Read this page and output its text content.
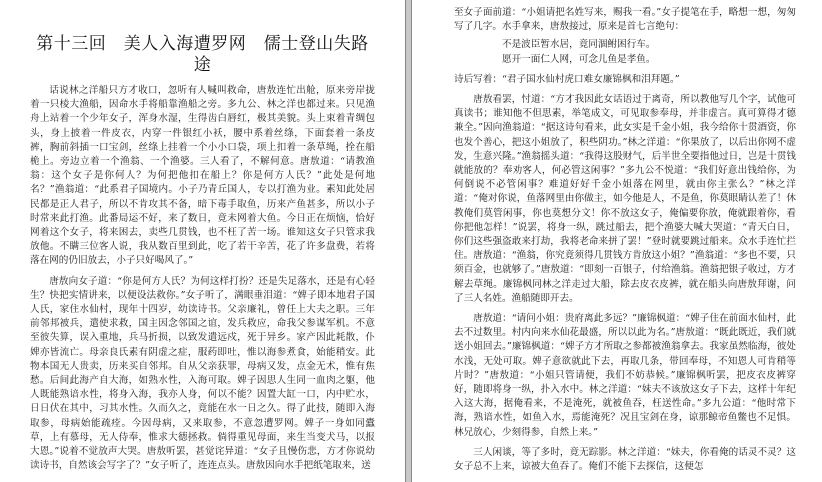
第十三回　美人入海遭罗网　儒士登山失路途

话说林之洋船只方才收口，忽听有人喊叫救命，唐敖连忙出舱，原来旁岸拢着一只棱大渔船，因命水手将船靠渔船之旁。多九公、林之洋也都过来。只见渔舟上站着一个少年女子，浑身水湿，生得齿白唇红，极其美貌。头上束着青绸包头，身上披着一件皮衣，内穿一件银红小袄，腰中系着丝绦，下面套着一条皮裤，胸前斜插一口宝剑，丝绦上挂着一个小小口袋，项上扣着一条草绳，拴在船桅上。旁边立着一个渔翁、一个渔婆。三人看了，不解何意。唐敖道：“请教渔翁：这个女子是你何人？为何把他扣在船上？你是何方人氏？”此处是何地名？”渔翁道：“此系君子国境内。小子乃青丘国人，专以打渔为业。素知此处居民都是正人君子，所以不肯攻其不备，暗下毒手取鱼，历来产鱼甚多，所以小子时常来此打渔。此番局运不好，来了数日，竟未网着大鱼。今日正在烦恼，恰好网着这个女子，将来困去，卖些几贯钱，也不枉了苦一场。谁知这女子只管求我放他。不瞒三位客人说，我从数百里到此，吃了若干辛苦，花了许多盘费，若将落在网的仍旧放去，小子只好喝风了。”

唐敖向女子道：“你是何方人氏？为何这样打扮？还是失足落水，还是有心轻生？快把实情讲来，以便设法救你。”女子听了，满眼垂泪道：“婢子即本地君子国人氏，家住水仙村，现年十四岁，幼读诗书。父亲廉礼，曾任上大夫之职。三年前邻邦被兵，遣使求救，国主因念邻国之谊，发兵救应，命我父参谋军机。不意至彼失算，误入重地，兵马折损，以致发遣远戍，死于异乡。家产因此耗散，仆婢亦皆流亡。母亲良氏素有阴虚之症，服药即吐，惟以海参煮食，始能稍安。此物本国无人贵卖，历来买自邻邦。自从父亲获罪，母病又发，点金无术，惟有焦愁。后间此海产自大海，如熟水性，入海可取。婢子因思人生同一血肉之躯，他人既能熟谙水性，将身入海，我亦人身，何以不能？因置大缸一口，内中贮水，日日伏在其中，习其水性。久而久之，竟能在水一日之久。得了此技，随即入海取参，母病始能疏痊。今因母病，又来取参，不意忽遭罗网。婢子一身如同蠹草，上有慕母，无人侍奉，惟求大德拯救。倘得重见母面，来生当变犬马，以报大恩。”说着不觉放声大哭。唐敖听罢，甚觉诧异道：“女子且慢伤悲，方才你说幼读诗书，自然该会写字了？”女子听了，连连点头。唐敖因向水手把纸笔取来，送

至女子面前道：“小姐请把名姓写来，赐我一看。”女子提笔在手，略想一想，匆匆写了几字。水手拿来，唐敖接过，原来是首七言绝句：

不是波臣暂水居，竟同涸鲋困行车。
愿开一面仁人网，可念儿鱼是孝鱼。

诗后写着：“君子国水仙村虎口难女廉锦枫和泪拜题。”

唐敖看罢，忖道：“方才我因此女话语过于离奇，所以教他写几个字，试他可真读书；谁知他不但思素，举笔成文，可见取参奉母，并非虚言。真可算得才德兼全。”因向渔翁道：“据这诗句看来，此女实是千金小姐，我今给你十贯酒资，你也发个善心，把这小姐放了，积些阴功。”林之洋道：“你果放了，以后出你网不虚发，生意兴隆。”渔翁摇头道：“我得这股财气，后半世全要指他过日，岂是十贯钱就能放的？奉劝客人，何必管这闲事？”多九公不悦道：“我们好意出钱给你，为何倒说不必管闲事？难道好好千金小姐落在网里，就由你主张么？”林之洋道：“俺对你说，鱼落网里由你做主，如今他是人，不是鱼，你莫眼睛认差了！休教俺们莫管闲事，你也莫想分文！你不放这女子，俺偏要你放，俺就跟着你，看你把他怎样！”说罢，将身一纵，跳过船去，把个渔婆大喊大哭道：“青天白日，你们这些强盗敢来打劫，我将老命来拼了罢！”登时就要跳过船来。众水手连忙拦住。唐敖道：“渔翁，你究竟须得几贯钱方肯放这小姐？”渔翁道：“多也不要，只须百金，也就够了。”唐敖道：“即刻一百银子，付给渔翁。渔翁把银子收过，方才解去草绳。廉锦枫同林之洋走过大船，除去皮衣皮裤，就在船头向唐敖拜谢，问了三人名姓。渔船随即开去。

唐敖道：“请问小姐：贵府离此多远？”廉锦枫道：“婢子住在前面水仙村，此去不过数里。村内向来水仙花最盛，所以以此为名。”唐敖道：“既此既近，我们就送小姐回去。”廉锦枫道：“婢子方才所取之参都被渔翁拿去。我家虽然临海，彼处水浅，无处可取。婢子意欲就此下去，再取几条，带回奉母，不知恩人可肯稍等片时？”唐敖道：“小姐只管请便，我们不妨恭候。”廉锦枫听罢，把皮衣皮裤穿好，随即将身一纵，扑入水中。林之洋道：“妹夫不该放这女子下去，这样十年纪入这大海，据俺看来，不是淹死，就被鱼吞，枉送性命。”多九公道：“他时常下海，熟谙水性，如鱼入水，焉能淹死？况且宝剑在身，谅那鲸帝鱼鳖也不足惧。林兄放心，少刻得参，自然上来。”

三人闲谈，等了多时，竟无踪影。林之洋道：“妹夫，你看俺的话灵不灵？这女子总不上来，谅被大鱼吞了。俺们不能下去探信，这便怎
